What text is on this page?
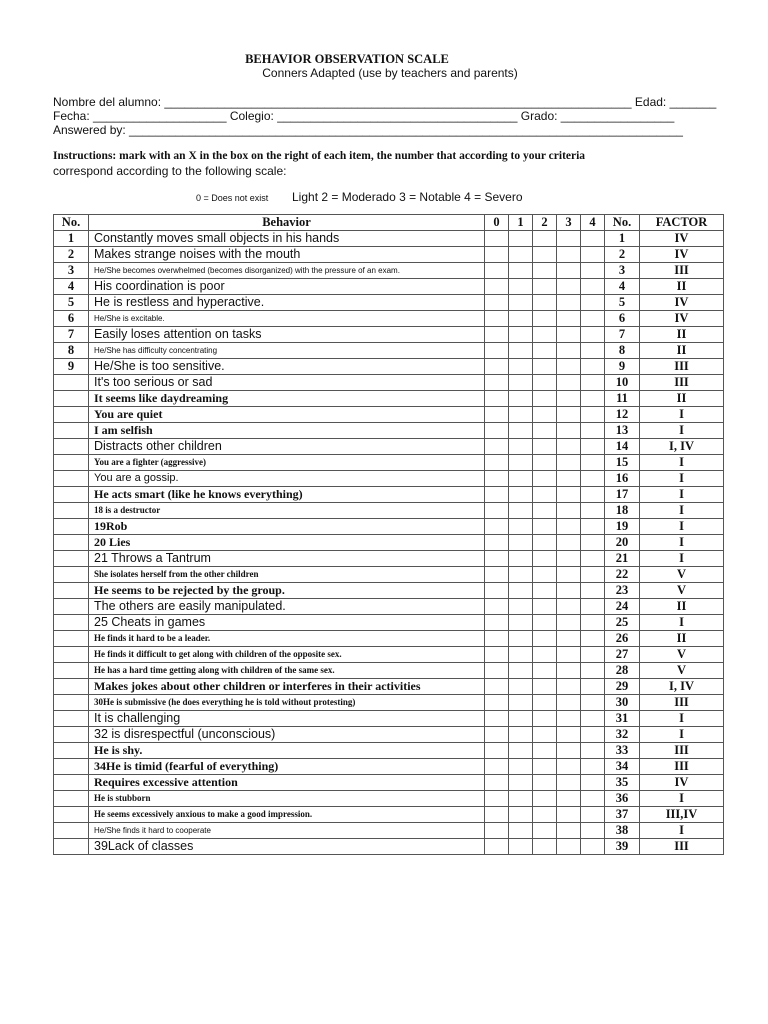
BEHAVIOR OBSERVATION SCALE
Conners Adapted (use by teachers and parents)
Nombre del alumno: ______________________________________________________________________ Edad: _______
Fecha: ____________________ Colegio: ____________________________________ Grado: _________________
Answered by: ___________________________________________________________________________________
Instructions: mark with an X in the box on the right of each item, the number that according to your criteria
correspond according to the following scale:
0 = Does not exist Light 2 = Moderado 3 = Notable 4 = Severo
No.	Behavior	0	1	2	3	4	No.	FACTOR
1	Constantly moves small objects in his hands						1	IV
2	Makes strange noises with the mouth						2	IV
3	He/She becomes overwhelmed (becomes disorganized) with the pressure of an exam.						3	III
4	His coordination is poor						4	II
5	He is restless and hyperactive.						5	IV
6	He/She is excitable.						6	IV
7	Easily loses attention on tasks						7	II
8	He/She has difficulty concentrating						8	II
9	He/She is too sensitive.						9	III
	It's too serious or sad						10	III
	It seems like daydreaming						11	II
	You are quiet						12	I
	I am selfish						13	I
	Distracts other children						14	I, IV
	You are a fighter (aggressive)						15	I
	You are a gossip.						16	I
	He acts smart (like he knows everything)						17	I
	18 is a destructor						18	I
	19Rob						19	I
	20 Lies						20	I
	21 Throws a Tantrum						21	I
	She isolates herself from the other children						22	V
	He seems to be rejected by the group.						23	V
	The others are easily manipulated.						24	II
	25 Cheats in games						25	I
	He finds it hard to be a leader.						26	II
	He finds it difficult to get along with children of the opposite sex.						27	V
	He has a hard time getting along with children of the same sex.						28	V
	Makes jokes about other children or interferes in their activities						29	I, IV
	30He is submissive (he does everything he is told without protesting)						30	III
	It is challenging						31	I
	32 is disrespectful (unconscious)						32	I
	He is shy.						33	III
	34He is timid (fearful of everything)						34	III
	Requires excessive attention						35	IV
	He is stubborn						36	I
	He seems excessively anxious to make a good impression.						37	III,IV
	He/She finds it hard to cooperate						38	I
	39Lack of classes						39	III
